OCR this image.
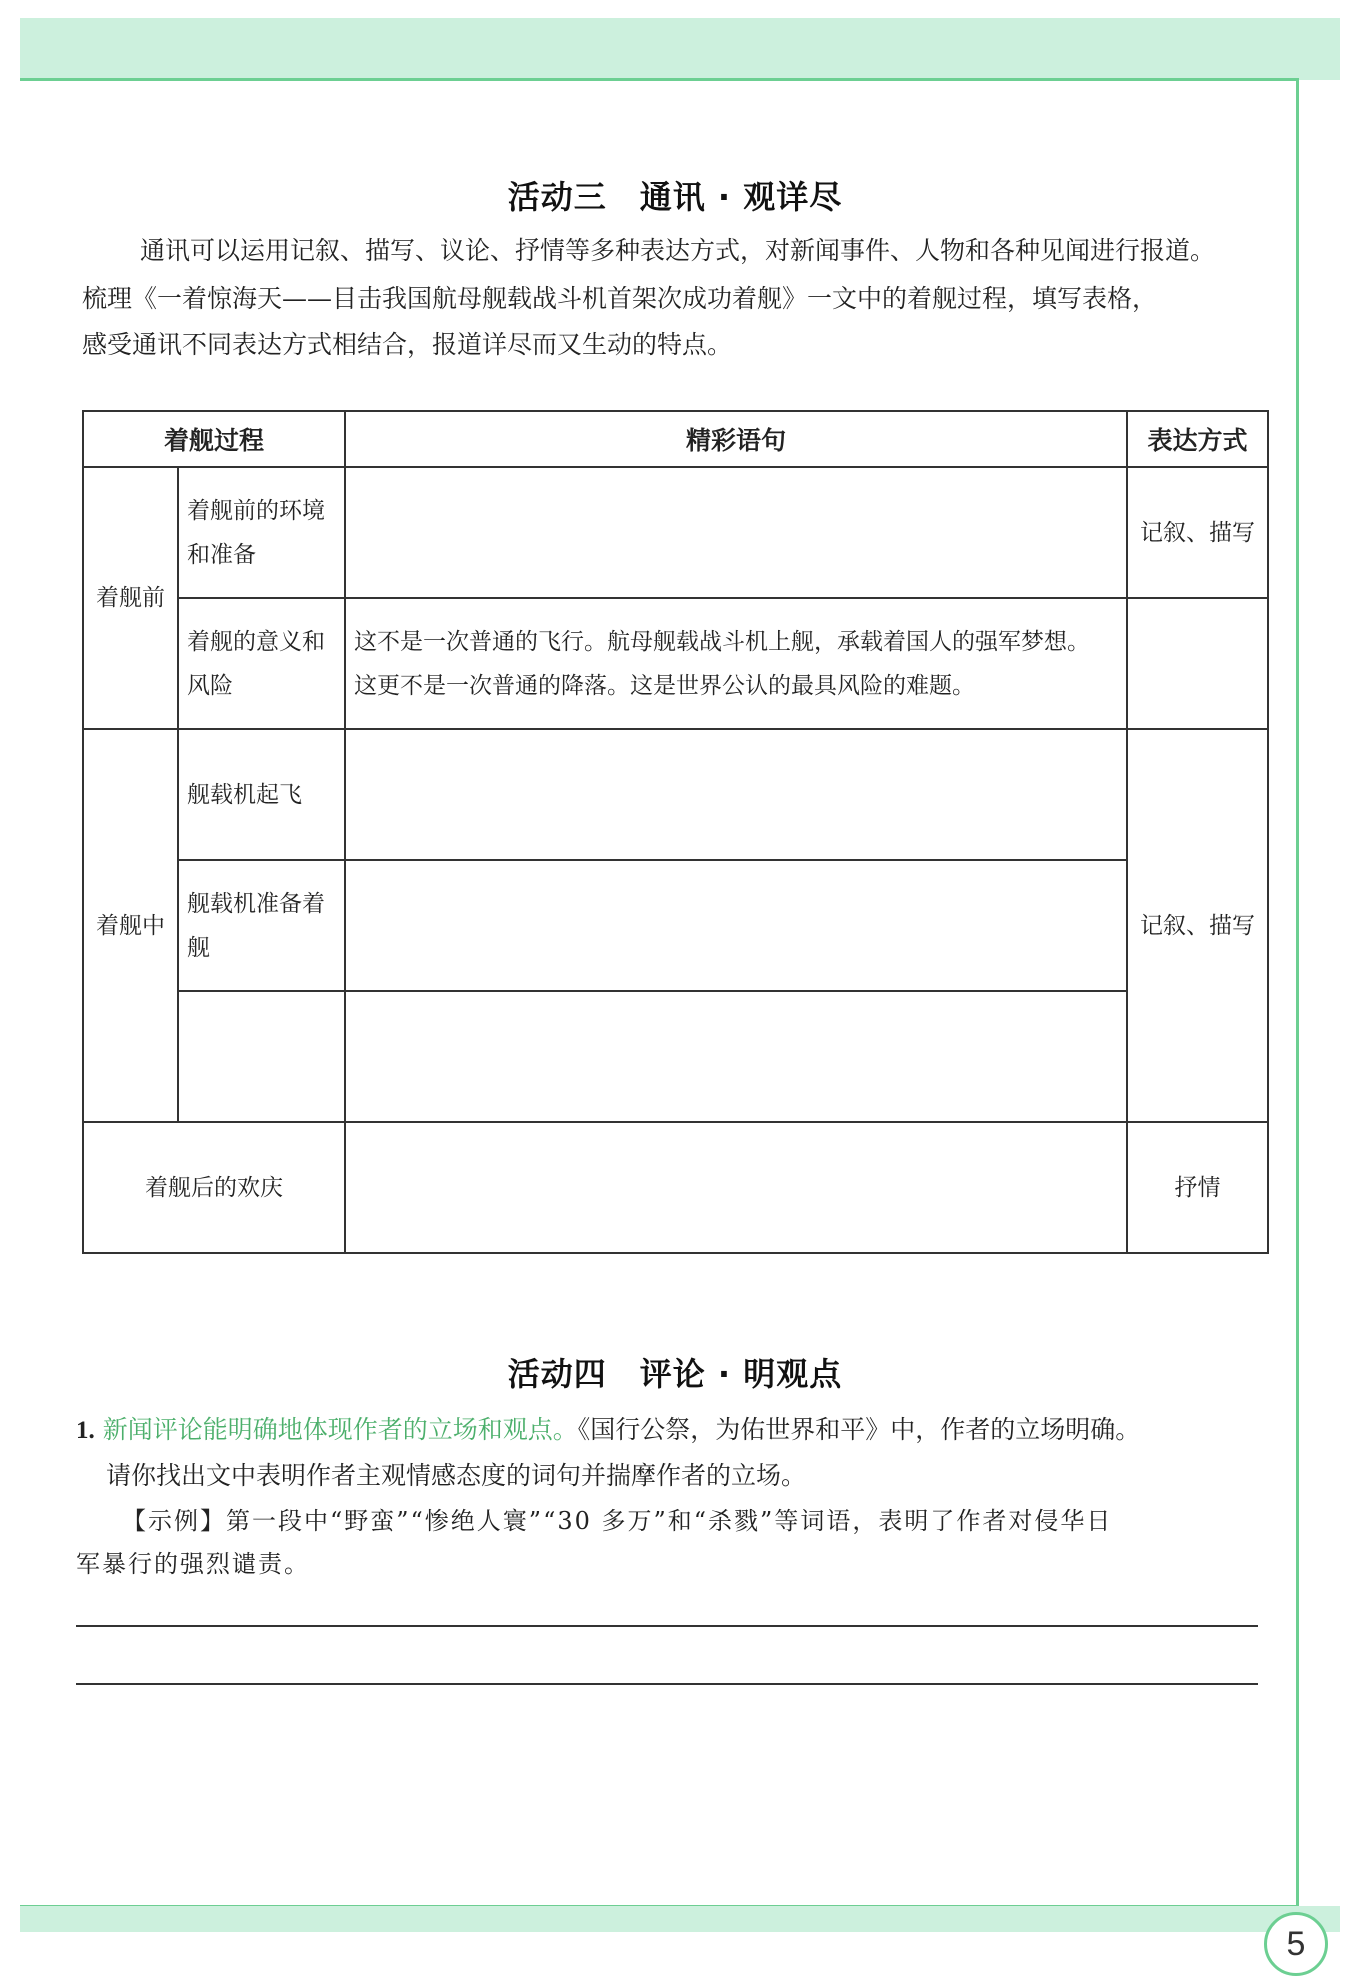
5
活动三　通讯 · 观详尽
通讯可以运用记叙、描写、议论、抒情等多种表达方式，对新闻事件、人物和各种见闻进行报道。
梳理《一着惊海天——目击我国航母舰载战斗机首架次成功着舰》一文中的着舰过程，填写表格，
感受通讯不同表达方式相结合，报道详尽而又生动的特点。
着舰过程		精彩语句	表达方式
着舰前	着舰前的环境和准备		记叙、描写
	着舰的意义和风险	这不是一次普通的飞行。航母舰载战斗机上舰，承载着国人的强军梦想。
这更不是一次普通的降落。这是世界公认的最具风险的难题。	

着舰中	舰载机起飞		记叙、描写
	舰载机准备着舰		

着舰后的欢庆			抒情
活动四　评论 · 明观点
1. 新闻评论能明确地体现作者的立场和观点。《国行公祭，为佑世界和平》中，作者的立场明确。
请你找出文中表明作者主观情感态度的词句并揣摩作者的立场。
【示例】第一段中“野蛮”“惨绝人寰”“30 多万”和“杀戮”等词语，表明了作者对侵华日
军暴行的强烈谴责。
